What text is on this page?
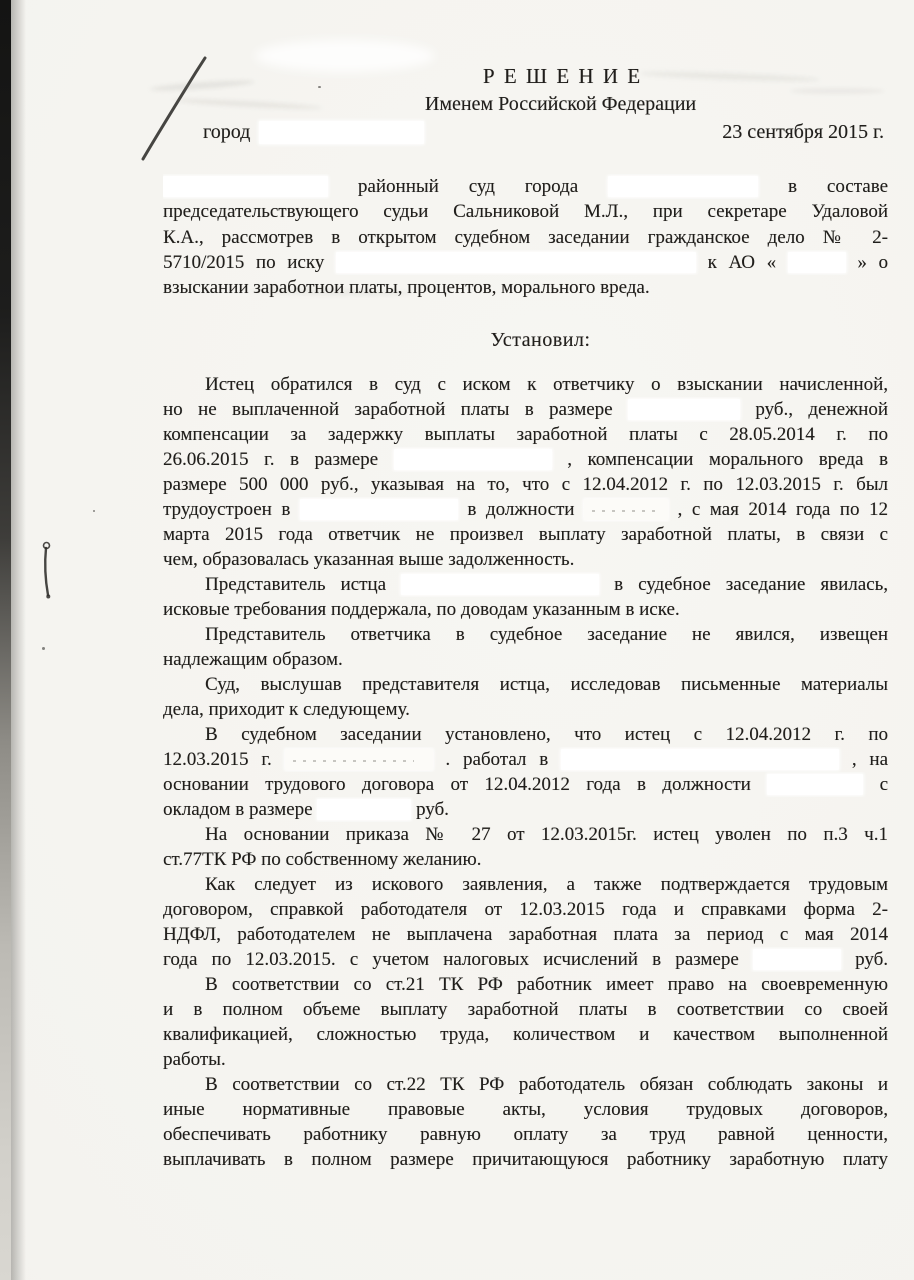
Р Е Ш Е Н И Е
Именем Российской Федерации
город	23 сентября 2015 г.
районный суд города	в составе
председательствующего судьи Сальниковой М.Л., при секретаре Удаловой
К.А., рассмотрев в открытом судебном заседании гражданское дело № 2-
5710/2015 по иску	к АО «	» о
взыскании заработнои платы, процентов, морального вреда.
Установил:
Истец обратился в суд с иском к ответчику о взыскании начисленной,
но не выплаченной заработной платы в размере	руб., денежной
компенсации за задержку выплаты заработной платы с 28.05.2014 г. по
26.06.2015 г. в размере	, компенсации морального вреда в
размере 500 000 руб., указывая на то, что с 12.04.2012 г. по 12.03.2015 г. был
трудоустроен в	в должности	, с мая 2014 года по 12
марта 2015 года ответчик не произвел выплату заработной платы, в связи с
чем, образовалась указанная выше задолженность.
Представитель истца	в судебное заседание явилась,
исковые требования поддержала, по доводам указанным в иске.
Представитель ответчика в судебное заседание не явился, извещен
надлежащим образом.
Суд, выслушав представителя истца, исследовав письменные материалы
дела, приходит к следующему.
В судебном заседании установлено, что истец с 12.04.2012 г. по
12.03.2015 г.	. работал в	, на
основании трудового договора от 12.04.2012 года в должности	с
окладом в размере	руб.
На основании приказа № 27 от 12.03.2015г. истец уволен по п.3 ч.1
ст.77ТК РФ по собственному желанию.
Как следует из искового заявления, а также подтверждается трудовым
договором, справкой работодателя от 12.03.2015 года и справками форма 2-
НДФЛ, работодателем не выплачена заработная плата за период с мая 2014
года по 12.03.2015. с учетом налоговых исчислений в размере	руб.
В соответствии со ст.21 ТК РФ работник имеет право на своевременную
и в полном объеме выплату заработной платы в соответствии со своей
квалификацией, сложностью труда, количеством и качеством выполненной
работы.
В соответствии со ст.22 ТК РФ работодатель обязан соблюдать законы и
иные нормативные правовые акты, условия трудовых договоров,
обеспечивать работнику равную оплату за труд равной ценности,
выплачивать в полном размере причитающуюся работнику заработную плату
